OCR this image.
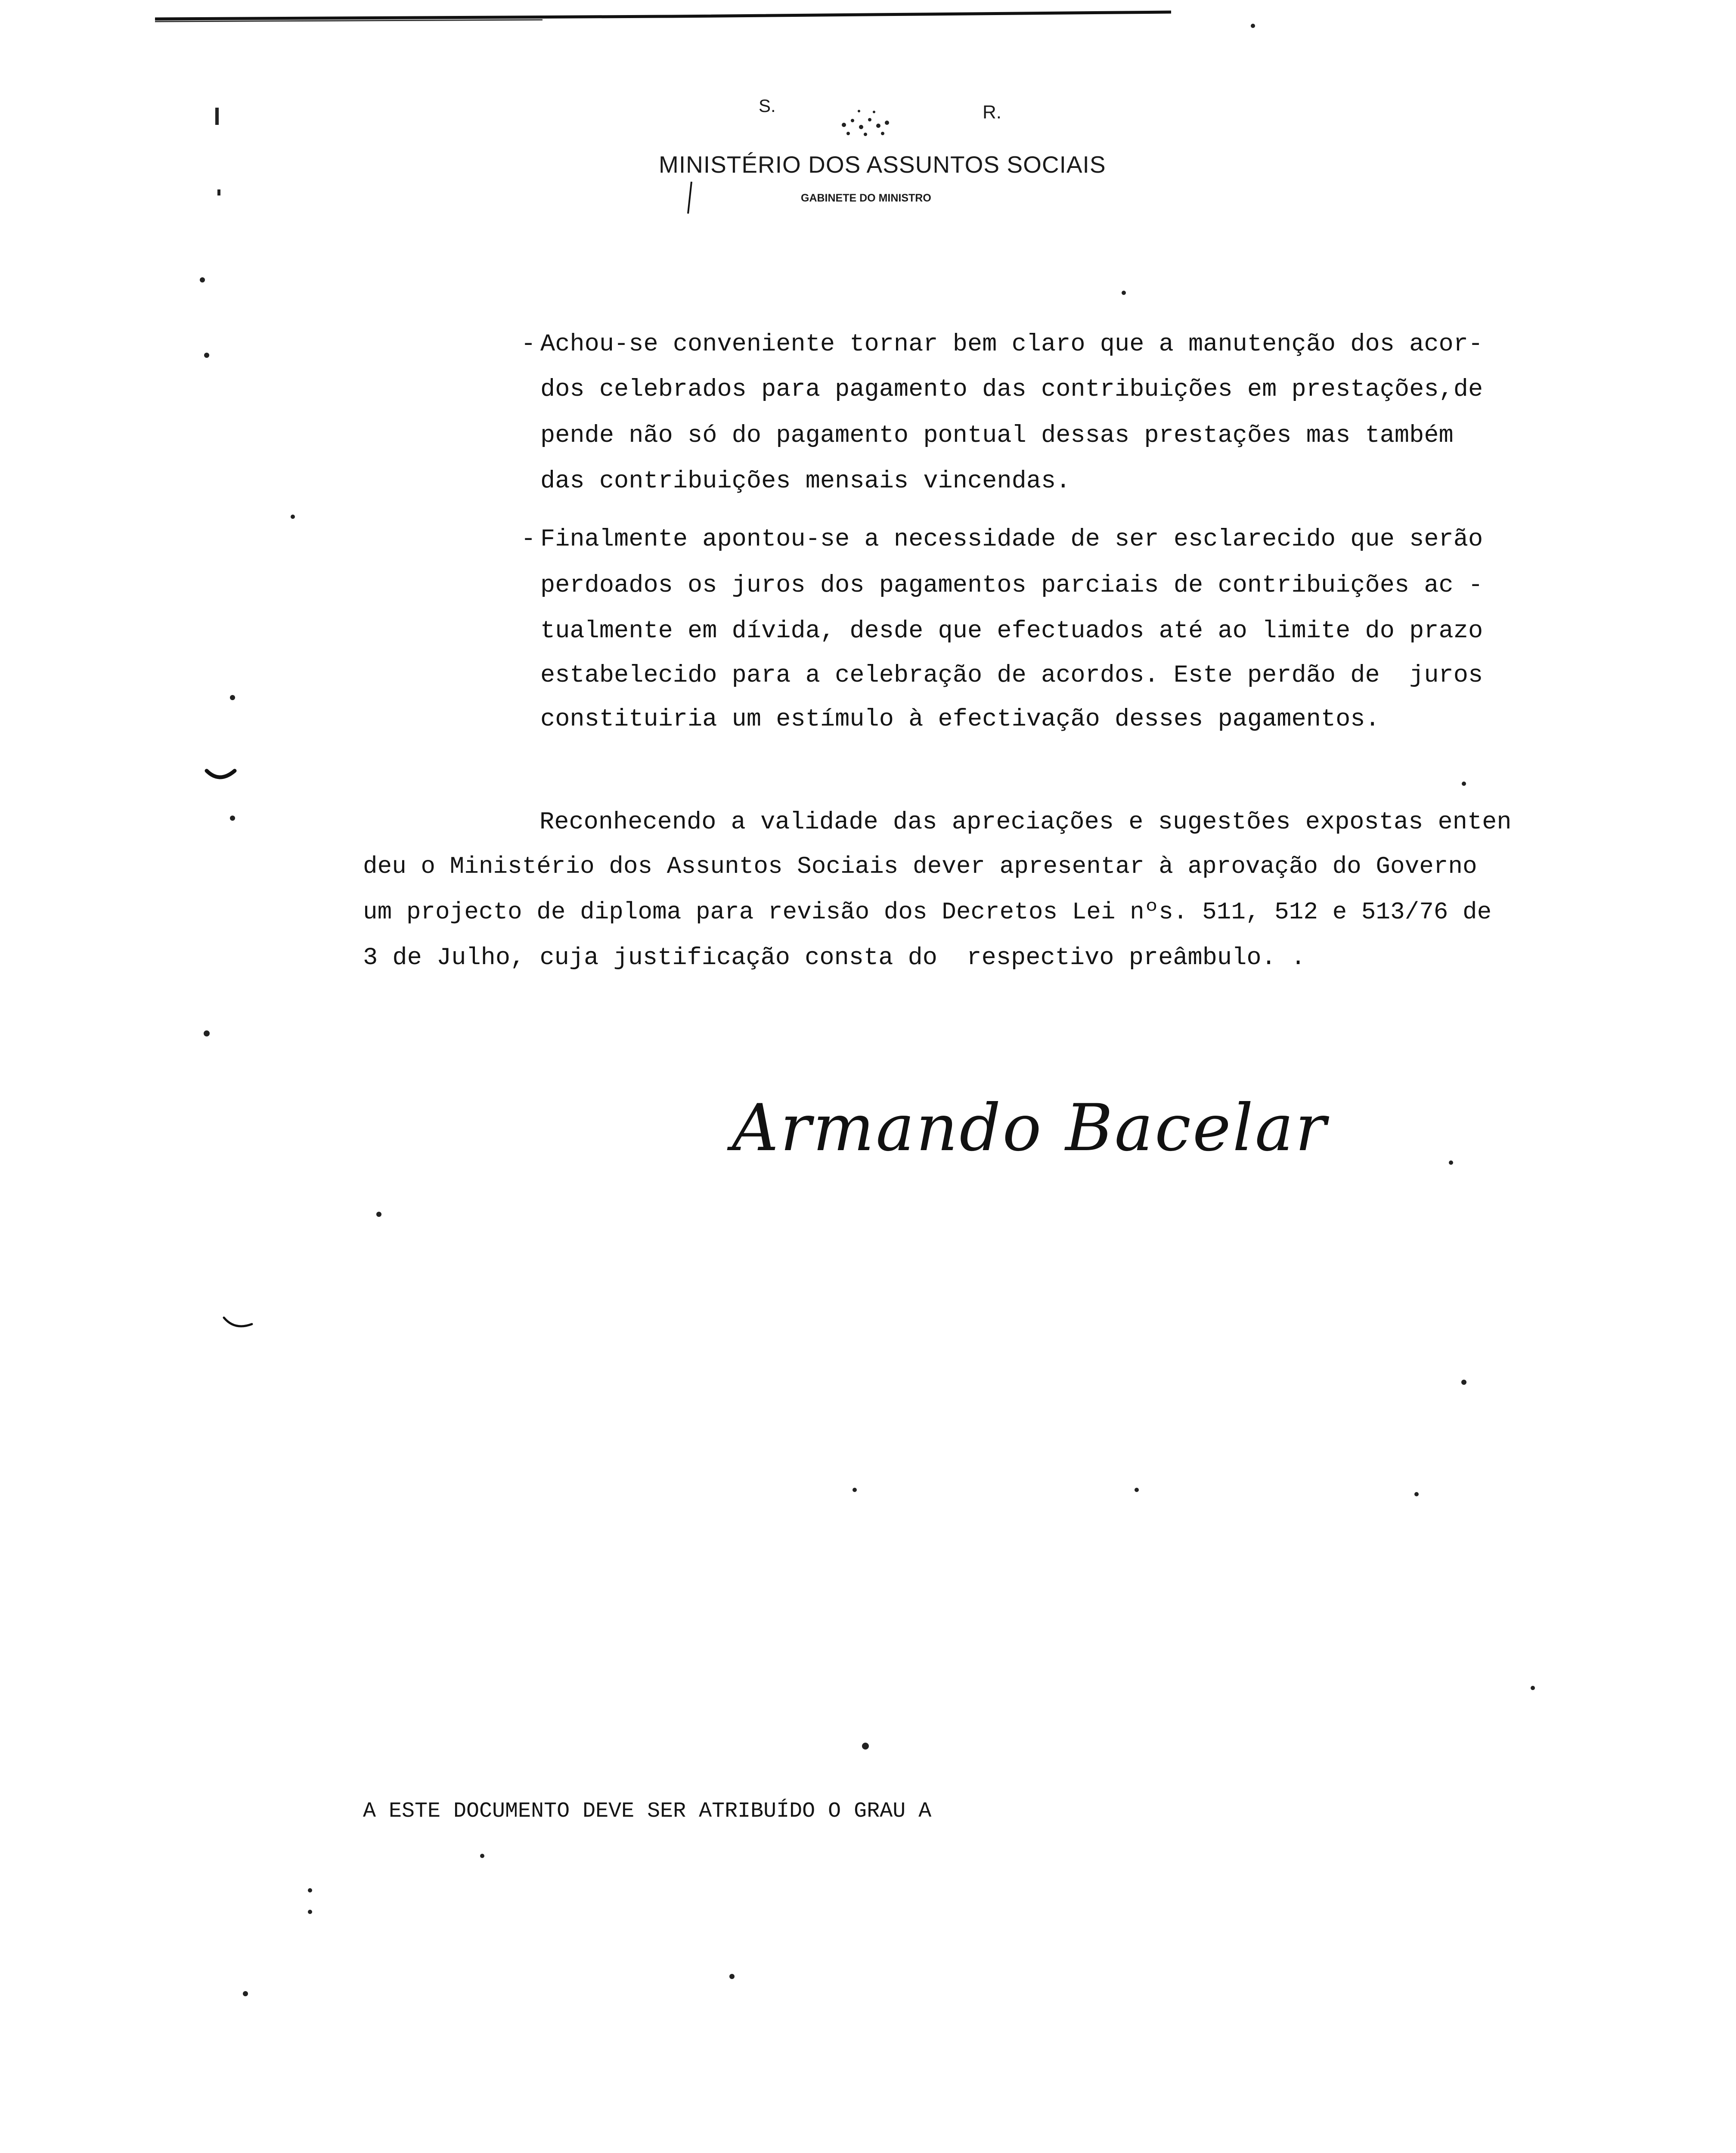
S.	R.
MINISTÉRIO DOS ASSUNTOS SOCIAIS
GABINETE DO MINISTRO
- Achou-se conveniente tornar bem claro que a manutenção dos acor-
dos celebrados para pagamento das contribuições em prestações,de
pende não só do pagamento pontual dessas prestações mas também
das contribuições mensais vincendas.
- Finalmente apontou-se a necessidade de ser esclarecido que serão
perdoados os juros dos pagamentos parciais de contribuições ac -
tualmente em dívida, desde que efectuados até ao limite do prazo
estabelecido para a celebração de acordos. Este perdão de  juros
constituiria um estímulo à efectivação desses pagamentos.
Reconhecendo a validade das apreciações e sugestões expostas enten
deu o Ministério dos Assuntos Sociais dever apresentar à aprovação do Governo
um projecto de diploma para revisão dos Decretos Lei nºs. 511, 512 e 513/76 de
3 de Julho, cuja justificação consta do  respectivo preâmbulo. .
Armando Bacelar
A ESTE DOCUMENTO DEVE SER ATRIBUÍDO O GRAU A
